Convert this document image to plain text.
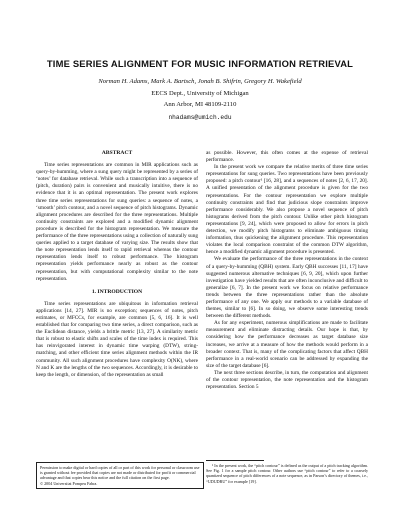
TIME SERIES ALIGNMENT FOR MUSIC INFORMATION RETRIEVAL
Norman H. Adams, Mark A. Bartsch, Jonah B. Shifrin, Gregory H. Wakefield
EECS Dept., University of Michigan
Ann Arbor, MI 48109-2110
nhadams@umich.edu
ABSTRACT

Time series representations are common in MIR applications such as query-by-humming, where a sung query might be represented by a series of ‘notes’ for database retrieval. While such a transcription into a sequence of (pitch, duration) pairs is convenient and musically intuitive, there is no evidence that it is an optimal representation. The present work explores three time series representations for sung queries: a sequence of notes, a ‘smooth’ pitch contour, and a novel sequence of pitch histograms. Dynamic alignment procedures are described for the three representations. Multiple continuity constraints are explored and a modified dynamic alignment procedure is described for the histogram representation. We measure the performance of the three representations using a collection of naturally sung queries applied to a target database of varying size. The results show that the note representation lends itself to rapid retrieval whereas the contour representation lends itself to robust performance. The histogram representation yields performance nearly as robust as the contour representation, but with computational complexity similar to the note representation.

1. INTRODUCTION

Time series representations are ubiquitous in information retrieval applications [14, 27]. MIR is no exception; sequences of notes, pitch estimates, or MFCCs, for example, are common [5, 6, 16]. It is well established that for comparing two time series, a direct comparison, such as the Euclidean distance, yields a brittle metric [13, 27]. A similarity metric that is robust to elastic shifts and scales of the time index is required. This has reinvigorated interest in dynamic time warping (DTW), string-matching, and other efficient time series alignment methods within the IR community. All such alignment procedures have complexity O(NK), where N and K are the lengths of the two sequences. Accordingly, it is desirable to keep the length, or dimension, of the representation as small

as possible. However, this often comes at the expense of retrieval performance.

In the present work we compare the relative merits of three time series representations for sung queries. Two representations have been previously proposed: a pitch contour¹ [16, 28], and a sequences of notes [2, 6, 17, 20]. A unified presentation of the alignment procedure is given for the two representations. For the contour representation we explore multiple continuity constraints and find that judicious slope constraints improve performance considerably. We also propose a novel sequence of pitch histograms derived from the pitch contour. Unlike other pitch histogram representations [9, 24], which were proposed to allow for errors in pitch detection, we modify pitch histograms to eliminate ambiguous timing information, thus quickening the alignment procedure. This representation violates the local comparison constraint of the common DTW algorithm, hence a modified dynamic alignment procedure is presented.

We evaluate the performance of the three representations in the context of a query-by-humming (QBH) system. Early QBH successes [11, 17] have suggested numerous alternative techniques [6, 9, 20], which upon further investigation have yielded results that are often inconclusive and difficult to generalize [6, 7]. In the present work we focus on relative performance trends between the three representations rather than the absolute performance of any one. We apply our methods to a variable database of themes, similar to [6]. In so doing, we observe some interesting trends between the different methods.

As for any experiment, numerous simplifications are made to facilitate measurement and eliminate distracting details. Our hope is that, by considering how the performance decreases as target database size increases, we arrive at a measure of how the methods would perform in a broader context. That is, many of the complicating factors that affect QBH performance in a real-world scenario can be addressed by expanding the size of the target database [6].

The next three sections describe, in turn, the computation and alignment of the contour representation, the note representation and the histogram representation. Section 5

Permission to make digital or hard copies of all or part of this work for personal or classroom use is granted without fee provided that copies are not made or distributed for profit or commercial advantage and that copies bear this notice and the full citation on the first page.
© 2004 Universitat Pompeu Fabra.

¹ In the present work, the “pitch contour” is defined as the output of a pitch tracking algorithm. See Fig. 1 for a sample pitch contour. Other authors use “pitch contour” to refer to a coarsely quantized sequence of pitch differences of a note sequence, as in Parson’s directory of themes, i.e., “UDUDRU” for example [19].
